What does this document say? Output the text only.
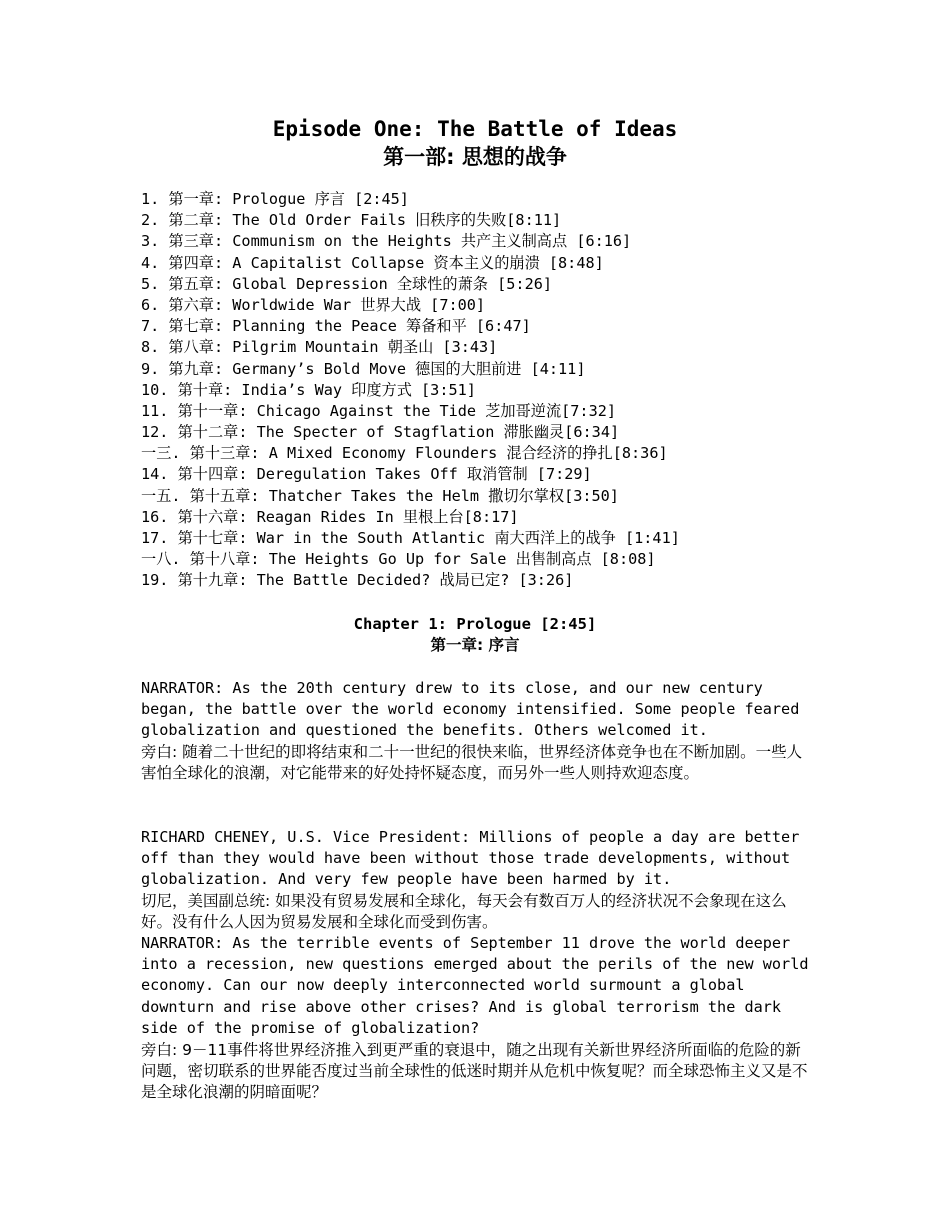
Episode One: The Battle of Ideas
第一部: 思想的战争
1. 第一章: Prologue 序言 [2:45]
2. 第二章: The Old Order Fails 旧秩序的失败[8:11]
3. 第三章: Communism on the Heights 共产主义制高点 [6:16]
4. 第四章: A Capitalist Collapse 资本主义的崩溃 [8:48]
5. 第五章: Global Depression 全球性的萧条 [5:26]
6. 第六章: Worldwide War 世界大战 [7:00]
7. 第七章: Planning the Peace 筹备和平 [6:47]
8. 第八章: Pilgrim Mountain 朝圣山 [3:43]
9. 第九章: Germany’s Bold Move 德国的大胆前进 [4:11]
10. 第十章: India’s Way 印度方式 [3:51]
11. 第十一章: Chicago Against the Tide 芝加哥逆流[7:32]
12. 第十二章: The Specter of Stagflation 滞胀幽灵[6:34]
一三. 第十三章: A Mixed Economy Flounders 混合经济的挣扎[8:36]
14. 第十四章: Deregulation Takes Off 取消管制 [7:29]
一五. 第十五章: Thatcher Takes the Helm 撒切尔掌权[3:50]
16. 第十六章: Reagan Rides In 里根上台[8:17]
17. 第十七章: War in the South Atlantic 南大西洋上的战争 [1:41]
一八. 第十八章: The Heights Go Up for Sale 出售制高点 [8:08]
19. 第十九章: The Battle Decided? 战局已定? [3:26]
Chapter 1: Prologue [2:45]
第一章: 序言

NARRATOR: As the 20th century drew to its close, and our new century began, the battle over the world economy intensified. Some people feared globalization and questioned the benefits. Others welcomed it.

旁白: 随着二十世纪的即将结束和二十一世纪的很快来临，世界经济体竞争也在不断加剧。一些人害怕全球化的浪潮，对它能带来的好处持怀疑态度，而另外一些人则持欢迎态度。

RICHARD CHENEY, U.S. Vice President: Millions of people a day are better off than they would have been without those trade developments, without globalization. And very few people have been harmed by it.

切尼，美国副总统: 如果没有贸易发展和全球化，每天会有数百万人的经济状况不会象现在这么好。没有什么人因为贸易发展和全球化而受到伤害。

NARRATOR: As the terrible events of September 11 drove the world deeper into a recession, new questions emerged about the perils of the new world economy. Can our now deeply interconnected world surmount a global downturn and rise above other crises? And is global terrorism the dark side of the promise of globalization?

旁白: 9－11事件将世界经济推入到更严重的衰退中，随之出现有关新世界经济所面临的危险的新问题，密切联系的世界能否度过当前全球性的低迷时期并从危机中恢复呢？而全球恐怖主义又是不是全球化浪潮的阴暗面呢？
